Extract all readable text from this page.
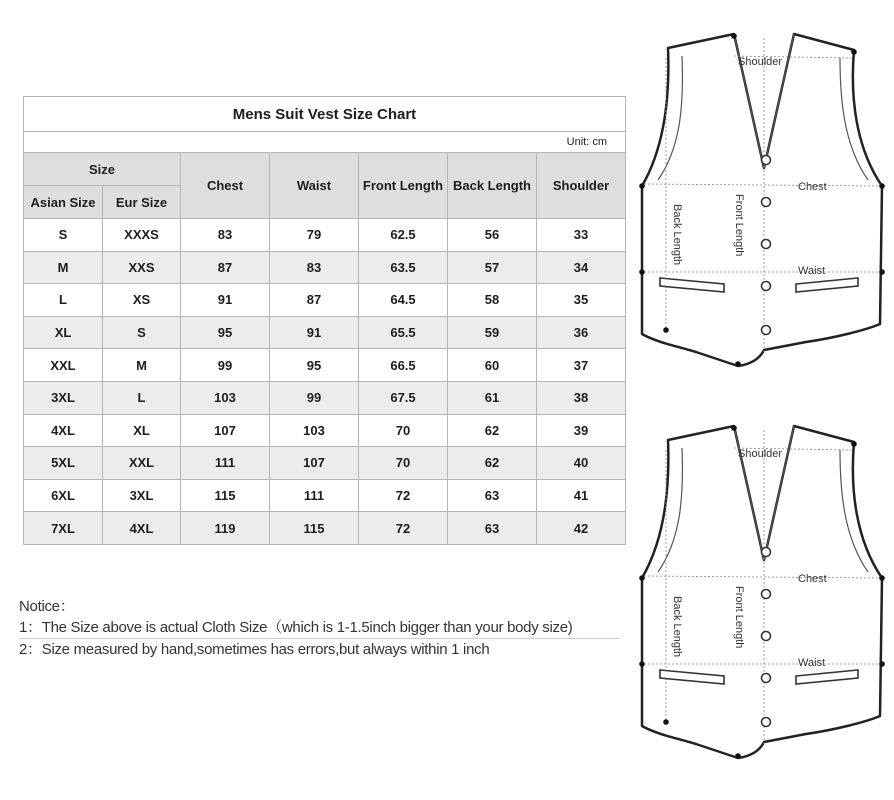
Mens Suit Vest Size Chart						
Unit: cm						
Size		Chest	Waist	Front Length	Back Length	Shoulder
Asian Size	Eur Size					
S	XXXS	83	79	62.5	56	33
M	XXS	87	83	63.5	57	34
L	XS	91	87	64.5	58	35
XL	S	95	91	65.5	59	36
XXL	M	99	95	66.5	60	37
3XL	L	103	99	67.5	61	38
4XL	XL	107	103	70	62	39
5XL	XXL	111	107	70	62	40
6XL	3XL	115	111	72	63	41
7XL	4XL	119	115	72	63	42
Notice：
1：The Size above is actual Cloth Size（which is 1-1.5inch bigger than your body size)
2：Size measured by hand,sometimes has errors,but always within 1 inch
Shoulder
Chest
Waist
Back Length	Front Length
Shoulder
Chest
Waist
Back Length	Front Length
